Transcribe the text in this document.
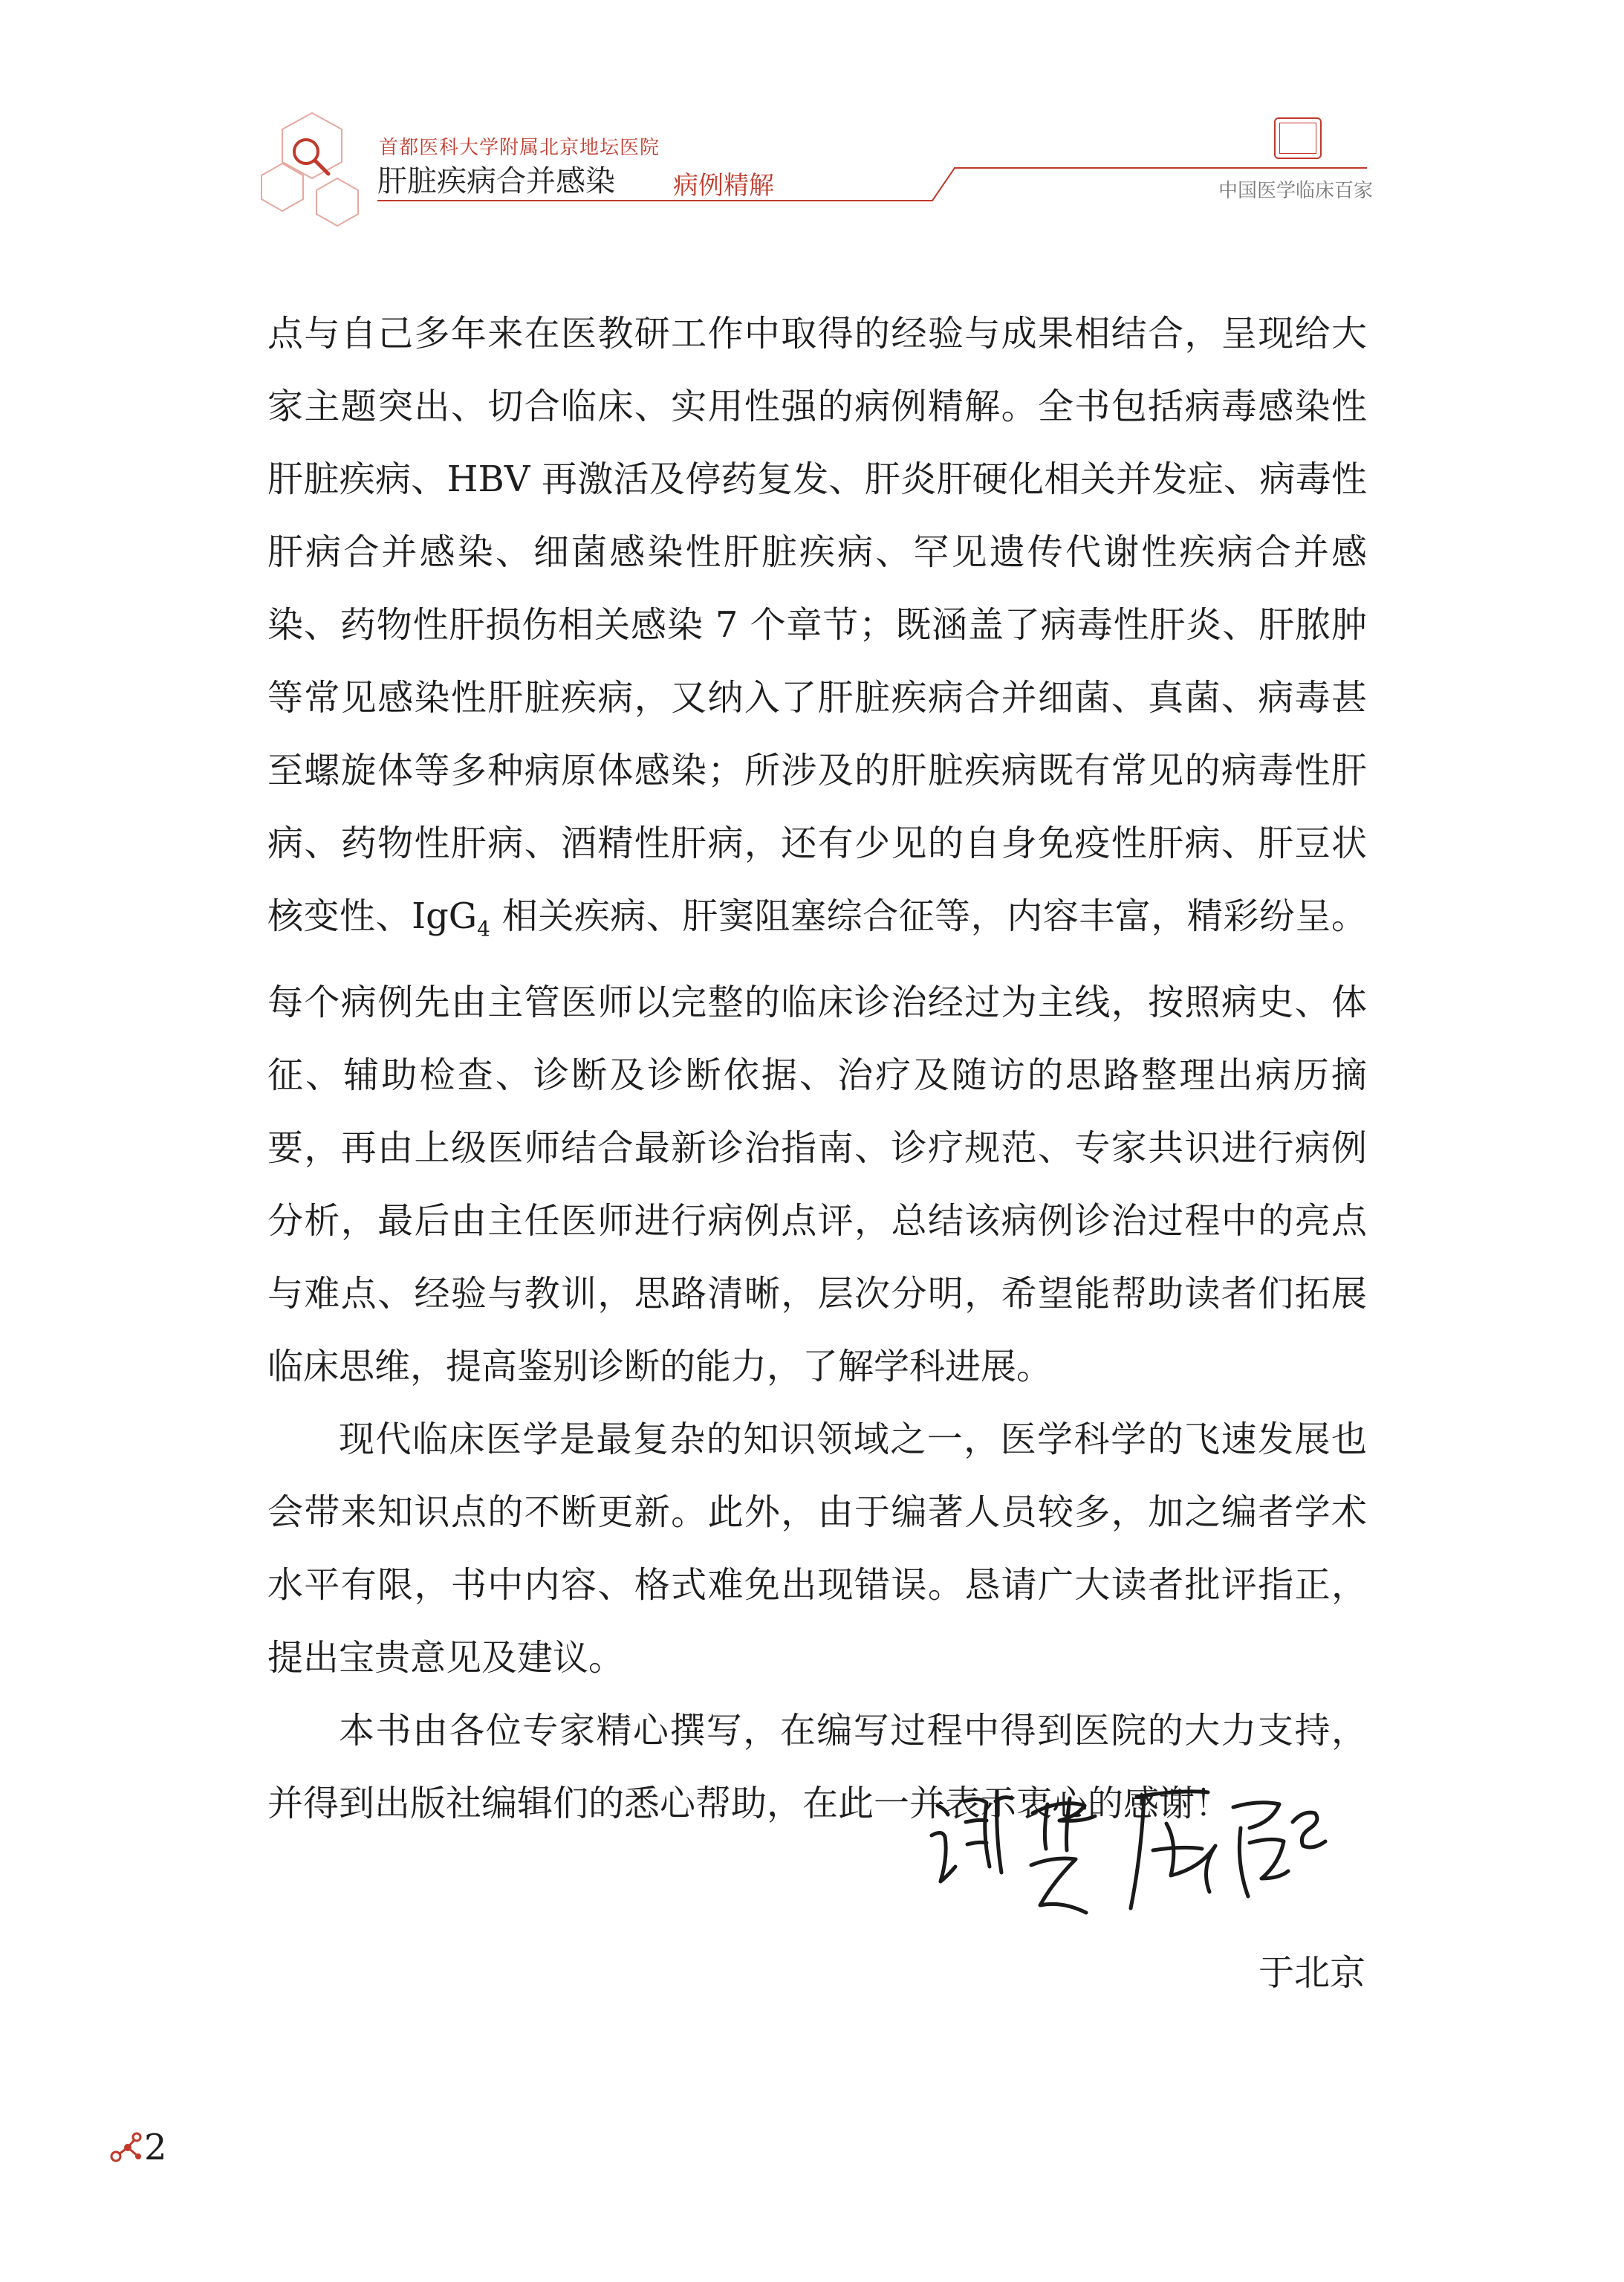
首都医科大学附属北京地坛医院
肝脏疾病合并感染 病例精解	中国医学临床百家

点与自己多年来在医教研工作中取得的经验与成果相结合，呈现给大家主题突出、切合临床、实用性强的病例精解。全书包括病毒感染性肝脏疾病、HBV 再激活及停药复发、肝炎肝硬化相关并发症、病毒性肝病合并感染、细菌感染性肝脏疾病、罕见遗传代谢性疾病合并感染、药物性肝损伤相关感染 7 个章节；既涵盖了病毒性肝炎、肝脓肿等常见感染性肝脏疾病，又纳入了肝脏疾病合并细菌、真菌、病毒甚至螺旋体等多种病原体感染；所涉及的肝脏疾病既有常见的病毒性肝病、药物性肝病、酒精性肝病，还有少见的自身免疫性肝病、肝豆状核变性、IgG$_4$ 相关疾病、肝窦阻塞综合征等，内容丰富，精彩纷呈。每个病例先由主管医师以完整的临床诊治经过为主线，按照病史、体征、辅助检查、诊断及诊断依据、治疗及随访的思路整理出病历摘要，再由上级医师结合最新诊治指南、诊疗规范、专家共识进行病例分析，最后由主任医师进行病例点评，总结该病例诊治过程中的亮点与难点、经验与教训，思路清晰，层次分明，希望能帮助读者们拓展临床思维，提高鉴别诊断的能力，了解学科进展。

现代临床医学是最复杂的知识领域之一，医学科学的飞速发展也会带来知识点的不断更新。此外，由于编著人员较多，加之编者学术水平有限，书中内容、格式难免出现错误。恳请广大读者批评指正，提出宝贵意见及建议。

本书由各位专家精心撰写，在编写过程中得到医院的大力支持，并得到出版社编辑们的悉心帮助，在此一并表示衷心的感谢！

于北京
2
